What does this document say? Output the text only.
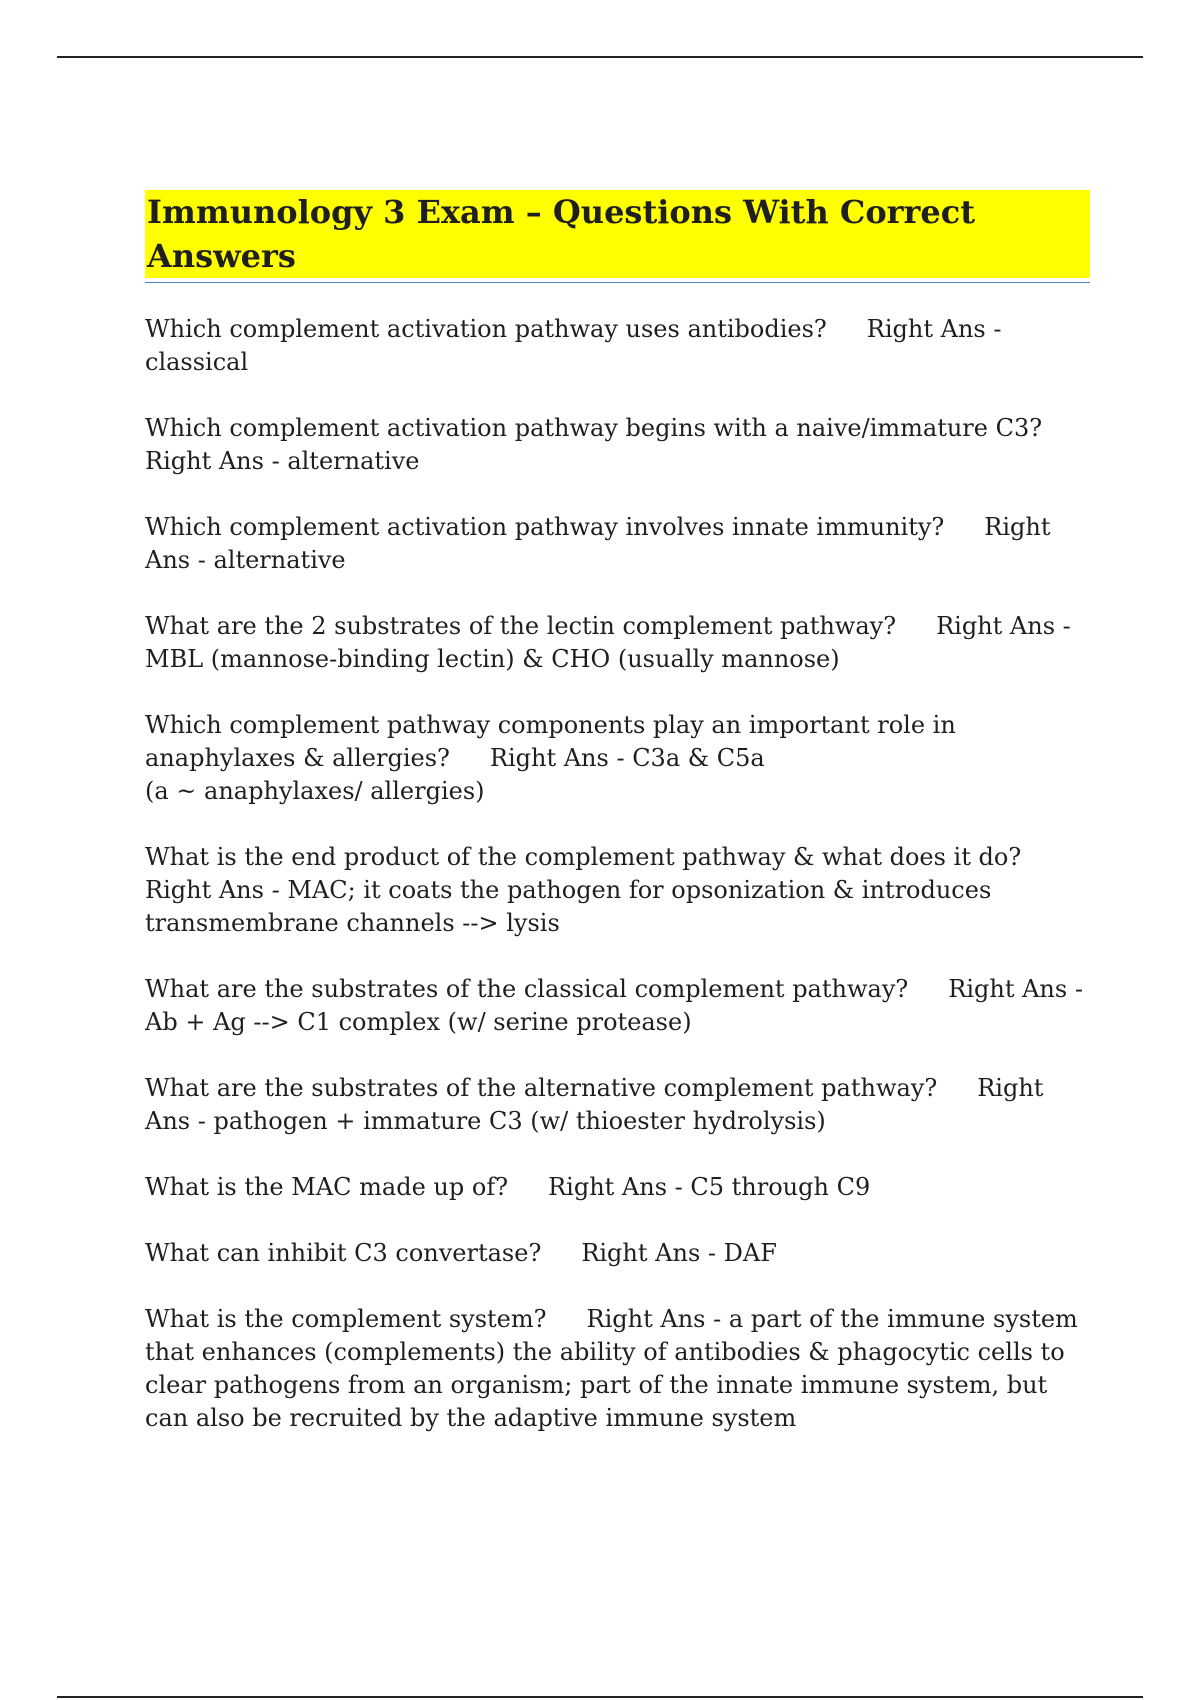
Immunology 3 Exam – Questions With Correct Answers

Which complement activation pathway uses antibodies? Right Ans - classical

Which complement activation pathway begins with a naive/immature C3?Right Ans - alternative

Which complement activation pathway involves innate immunity? Right Ans - alternative

What are the 2 substrates of the lectin complement pathway? Right Ans - MBL (mannose-binding lectin) & CHO (usually mannose)

Which complement pathway components play an important role in anaphylaxes & allergies? Right Ans - C3a & C5a
(a ~ anaphylaxes/ allergies)

What is the end product of the complement pathway & what does it do?Right Ans - MAC; it coats the pathogen for opsonization & introduces transmembrane channels --> lysis

What are the substrates of the classical complement pathway? Right Ans - Ab + Ag --> C1 complex (w/ serine protease)

What are the substrates of the alternative complement pathway? Right Ans - pathogen + immature C3 (w/ thioester hydrolysis)

What is the MAC made up of? Right Ans - C5 through C9

What can inhibit C3 convertase? Right Ans - DAF

What is the complement system? Right Ans - a part of the immune system that enhances (complements) the ability of antibodies & phagocytic cells to clear pathogens from an organism; part of the innate immune system, but can also be recruited by the adaptive immune system
